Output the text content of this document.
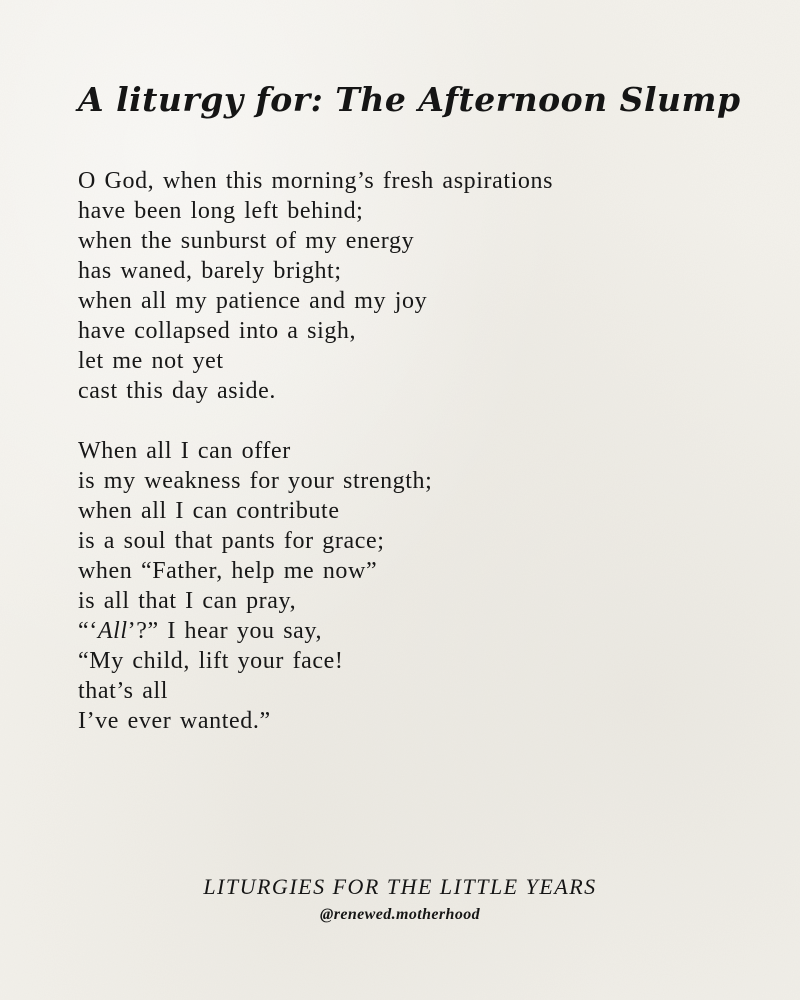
A liturgy for: The Afternoon Slump
O God, when this morning’s fresh aspirations
have been long left behind;
when the sunburst of my energy
has waned, barely bright;
when all my patience and my joy
have collapsed into a sigh,
let me not yet
cast this day aside.
When all I can offer
is my weakness for your strength;
when all I can contribute
is a soul that pants for grace;
when “Father, help me now”
is all that I can pray,
“‘All’?” I hear you say,
“My child, lift your face!
that’s all
I’ve ever wanted.”
LITURGIES FOR THE LITTLE YEARS
@renewed.motherhood
